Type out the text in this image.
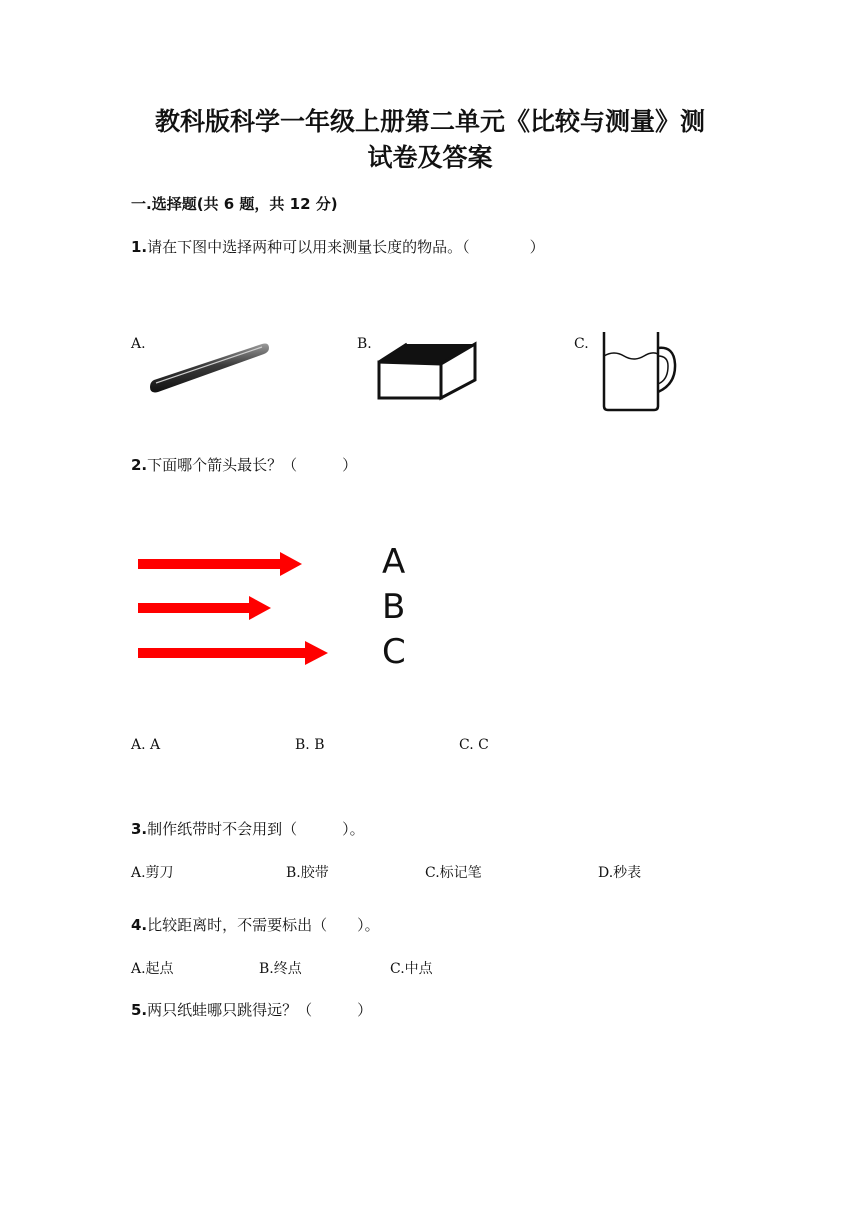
教科版科学一年级上册第二单元《比较与测量》测
试卷及答案
一.选择题(共 6 题，共 12 分)
1.请在下图中选择两种可以用来测量长度的物品。（　　　　）
A.	B.	C.
2.下面哪个箭头最长？（　　　）
A
B
C
A. A	B. B	C. C
3.制作纸带时不会用到（　　　）。
A.剪刀	B.胶带	C.标记笔	D.秒表
4.比较距离时，不需要标出（　　）。
A.起点	B.终点	C.中点
5.两只纸蛙哪只跳得远？（　　　）
